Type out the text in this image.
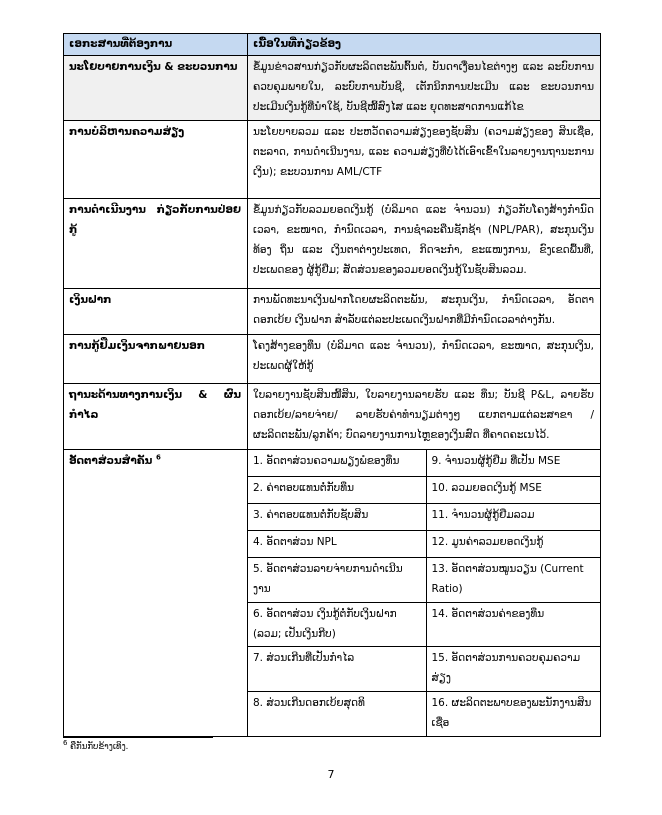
ເອກະສານທີ່ຕ້ອງການ	ເນື້ອໃນທີ່ກ່ຽວຂ້ອງ
ນະໂຍບາຍການເງິນ & ຂະບວນການ	ຂໍ້ມູນຂ່າວສານກ່ຽວກັບຜະລິດຕະພັນຕົ້ນຕໍ, ບັນດາເງື່ອນໄຂຕ່າງໆ ແລະ ລະບົບການຄວບຄຸມພາຍໃນ, ລະບົບການບັນຊີ, ເຕັກນິກການປະເມີນ ແລະ ຂະບວນການປະເມີນເງິນກູ້ທີ່ນຳໃຊ້, ບັນຊີໜີ້ສົງໄສ ແລະ ຍຸດທະສາດການແກ້ໄຂ
ການບໍລິຫານຄວາມສ່ຽງ	ນະໂຍບາຍລວມ ແລະ ປະຫວັດຄວາມສ່ຽງຂອງຊັບສິນ (ຄວາມສ່ຽງຂອງ ສິນເຊື່ອ, ຕະລາດ, ການດຳເນີນງານ, ແລະ ຄວາມສ່ຽງທີ່ບໍ່ໄດ້ເອົາເຂົ້າໃນລາຍງານຖານະການເງິນ); ຂະບວນການ AML/CTF
ການດຳເນີນງານ ກ່ຽວກັບການປ່ອຍກູ້	ຂໍ້ມູນກ່ຽວກັບລວມຍອດເງິນກູ້ (ບໍລິມາດ ແລະ ຈຳນວນ) ກ່ຽວກັບໂຄງສ້າງກຳນົດ ເວລາ, ຂະໜາດ, ກຳນົດເວລາ, ການຊຳລະຄືນຊັກຊ້າ (NPL/PAR), ສະກຸນເງິນທ້ອງ ຖິ່ນ ແລະ ເງິນຕາຕ່າງປະເທດ, ກິດຈະກຳ, ຂະແໜງການ, ຂົງເຂດພື້ນທີ່, ປະເພດຂອງ ຜູ້ກູ້ຢືມ; ສັດສ່ວນຂອງລວມຍອດເງິນກູ້ໃນຊັບສິນລວມ.
ເງິນຝາກ	ການພັດທະນາເງິນຝາກໂດຍຜະລິດຕະພັນ, ສະກຸນເງິນ, ກຳນົດເວລາ, ອັດຕາດອກເບ້ຍ ເງິນຝາກ ສຳລັບແຕ່ລະປະເພດເງິນຝາກທີ່ມີກຳນົດເວລາຕ່າງກັນ.
ການກູ້ຢືມເງິນຈາກພາຍນອກ	ໂຄງສ້າງຂອງທຶນ (ບໍລິມາດ ແລະ ຈຳນວນ), ກຳນົດເວລາ, ຂະໜາດ, ສະກຸນເງິນ, ປະເພດຜູ້ໃຫ້ກູ້
ຖານະດ້ານທາງການເງິນ & ຜົນກຳໄລ	ໃບລາຍງານຊັບສິນໜີ້ສິນ, ໃບລາຍງານລາຍຮັບ ແລະ ທຶນ; ບັນຊີ P&L, ລາຍຮັບດອກເບ້ຍ/ລາຍຈ່າຍ/ ລາຍຮັບຄ່າທຳນຽມຕ່າງໆ ແຍກຕາມແຕ່ລະສາຂາ /ຜະລິດຕະພັນ/ລູກຄ້າ; ບົດລາຍງານການໄຫຼຂອງເງິນສົດ ທີ່ຄາດຄະເນໄວ້.
ອັດຕາສ່ວນສຳຄັນ $^6$		1. ອັດຕາສ່ວນຄວາມພຽງພໍຂອງທຶນ	9. ຈຳນວນຜູ້ກູ້ຢືມ ທີ່ເປັນ MSE
2. ຄ່າຕອບແທນຕໍ່ກັບທຶນ	10. ລວມຍອດເງິນກູ້ MSE
3. ຄ່າຕອບແທນຕໍ່ກັບຊັບສິນ	11. ຈຳນວນຜູ້ກູ້ຢືມລວມ
4. ອັດຕາສ່ວນ NPL	12. ມູນຄ່າລວມຍອດເງິນກູ້
5. ອັດຕາສ່ວນລາຍຈ່າຍການດຳເນີນງານ	13. ອັດຕາສ່ວນໝູນວຽນ (Current Ratio)
6. ອັດຕາສ່ວນ ເງິນກູ້ຕໍ່ກັບເງິນຝາກ (ລວມ; ເປັນເງິນກີບ)	14. ອັດຕາສ່ວນຄ່າຂອງທຶນ
7. ສ່ວນເກີນທີ່ເປັນກຳໄລ	15. ອັດຕາສ່ວນການຄວບຄຸມຄວາມສ່ຽງ
8. ສ່ວນເກີນດອກເບ້ຍສຸດທິ	16. ຜະລິດຕະພາບຂອງພະນັກງານສິນເຊື່ອ
$^6$ ຄືກັນກັບຂ້າງເທິງ.
7
